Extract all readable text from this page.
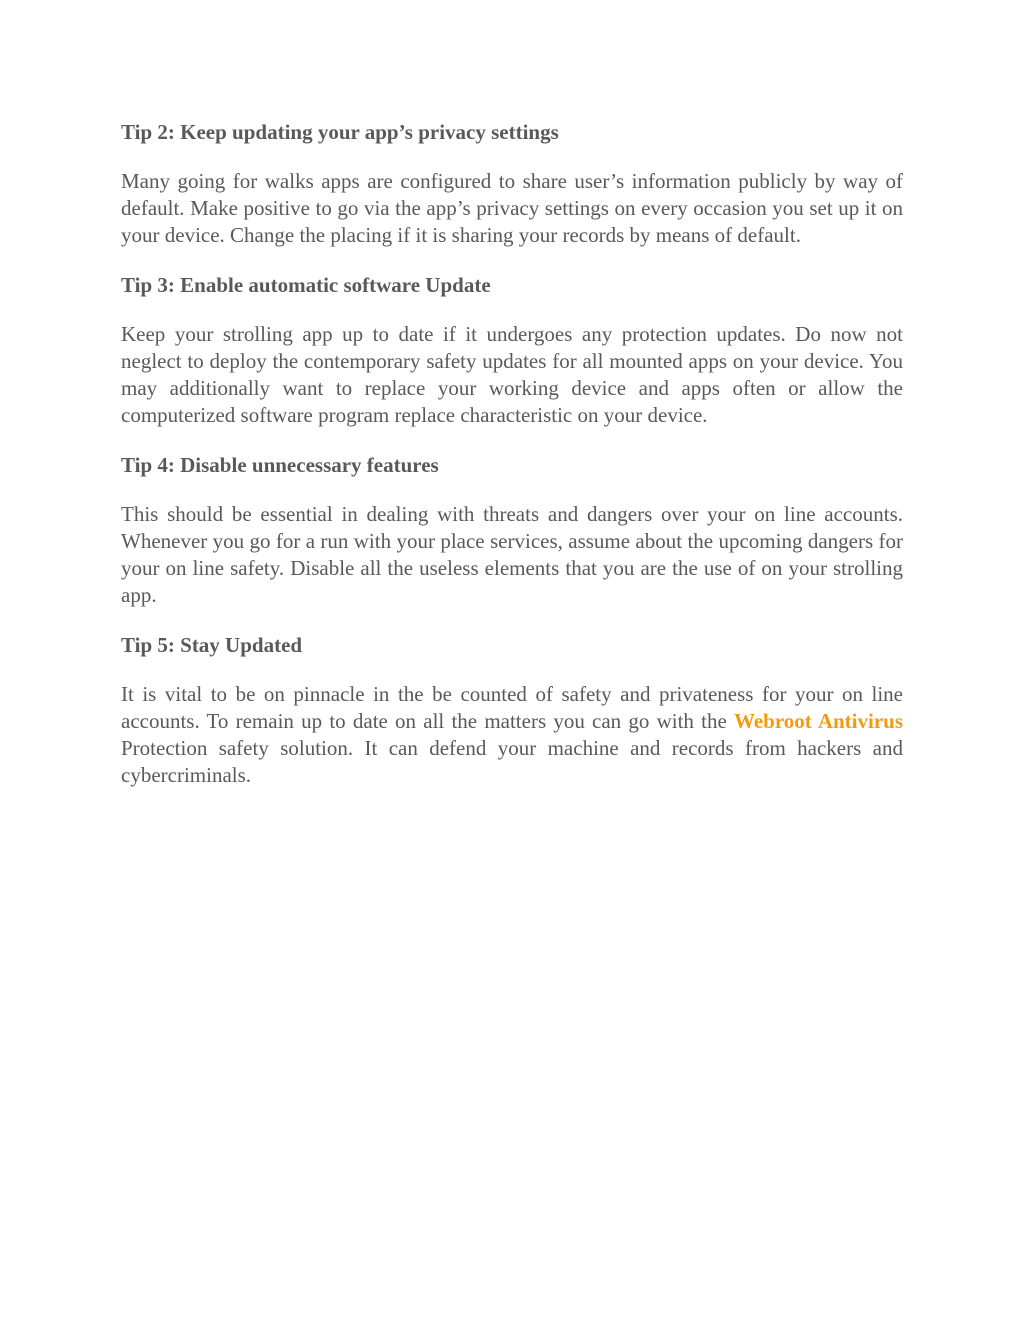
Tip 2: Keep updating your app’s privacy settings

Many going for walks apps are configured to share user’s information publicly by way of default. Make positive to go via the app’s privacy settings on every occasion you set up it on your device. Change the placing if it is sharing your records by means of default.

Tip 3: Enable automatic software Update

Keep your strolling app up to date if it undergoes any protection updates. Do now not neglect to deploy the contemporary safety updates for all mounted apps on your device. You may additionally want to replace your working device and apps often or allow the computerized software program replace characteristic on your device.

Tip 4: Disable unnecessary features

This should be essential in dealing with threats and dangers over your on line accounts. Whenever you go for a run with your place services, assume about the upcoming dangers for your on line safety. Disable all the useless elements that you are the use of on your strolling app.

Tip 5: Stay Updated

It is vital to be on pinnacle in the be counted of safety and privateness for your on line accounts. To remain up to date on all the matters you can go with the Webroot Antivirus Protection safety solution. It can defend your machine and records from hackers and cybercriminals.
